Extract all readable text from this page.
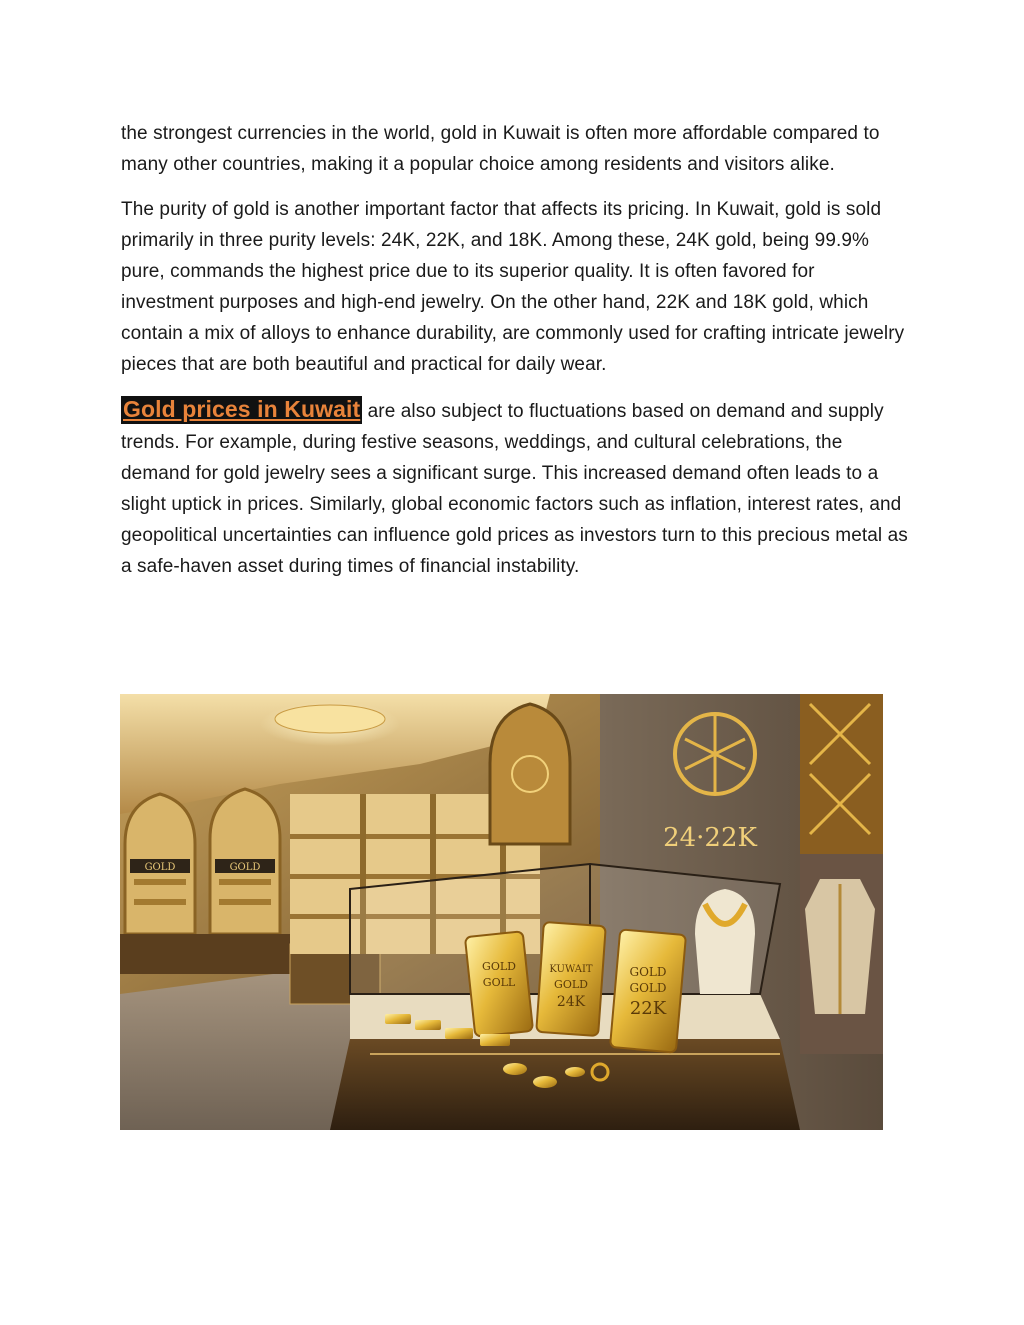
the strongest currencies in the world, gold in Kuwait is often more affordable compared to many other countries, making it a popular choice among residents and visitors alike.

The purity of gold is another important factor that affects its pricing. In Kuwait, gold is sold primarily in three purity levels: 24K, 22K, and 18K. Among these, 24K gold, being 99.9% pure, commands the highest price due to its superior quality. It is often favored for investment purposes and high-end jewelry. On the other hand, 22K and 18K gold, which contain a mix of alloys to enhance durability, are commonly used for crafting intricate jewelry pieces that are both beautiful and practical for daily wear.

Gold prices in Kuwait are also subject to fluctuations based on demand and supply trends. For example, during festive seasons, weddings, and cultural celebrations, the demand for gold jewelry sees a significant surge. This increased demand often leads to a slight uptick in prices. Similarly, global economic factors such as inflation, interest rates, and geopolitical uncertainties can influence gold prices as investors turn to this precious metal as a safe-haven asset during times of financial instability.

GOLD	GOLD
24·22K
GOLD
GOLL
KUWAIT
GOLD
24K
GOLD
GOLD
22K
